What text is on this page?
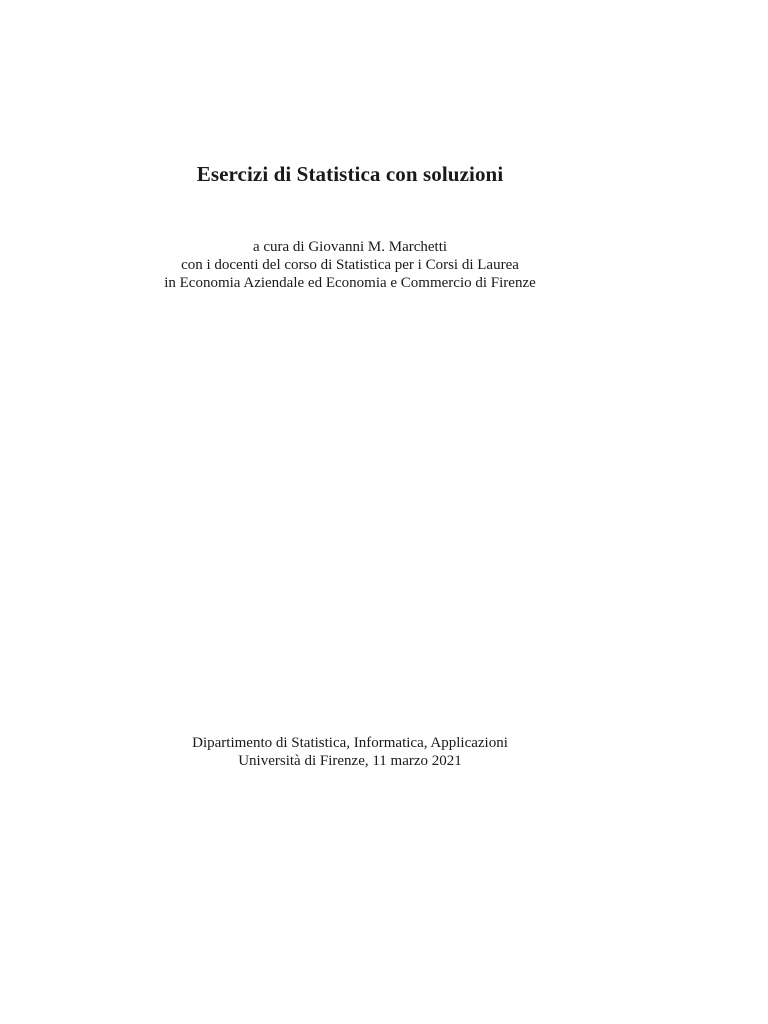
Esercizi di Statistica con soluzioni
a cura di Giovanni M. Marchetti
con i docenti del corso di Statistica per i Corsi di Laurea
in Economia Aziendale ed Economia e Commercio di Firenze
Dipartimento di Statistica, Informatica, Applicazioni
Università di Firenze, 11 marzo 2021
